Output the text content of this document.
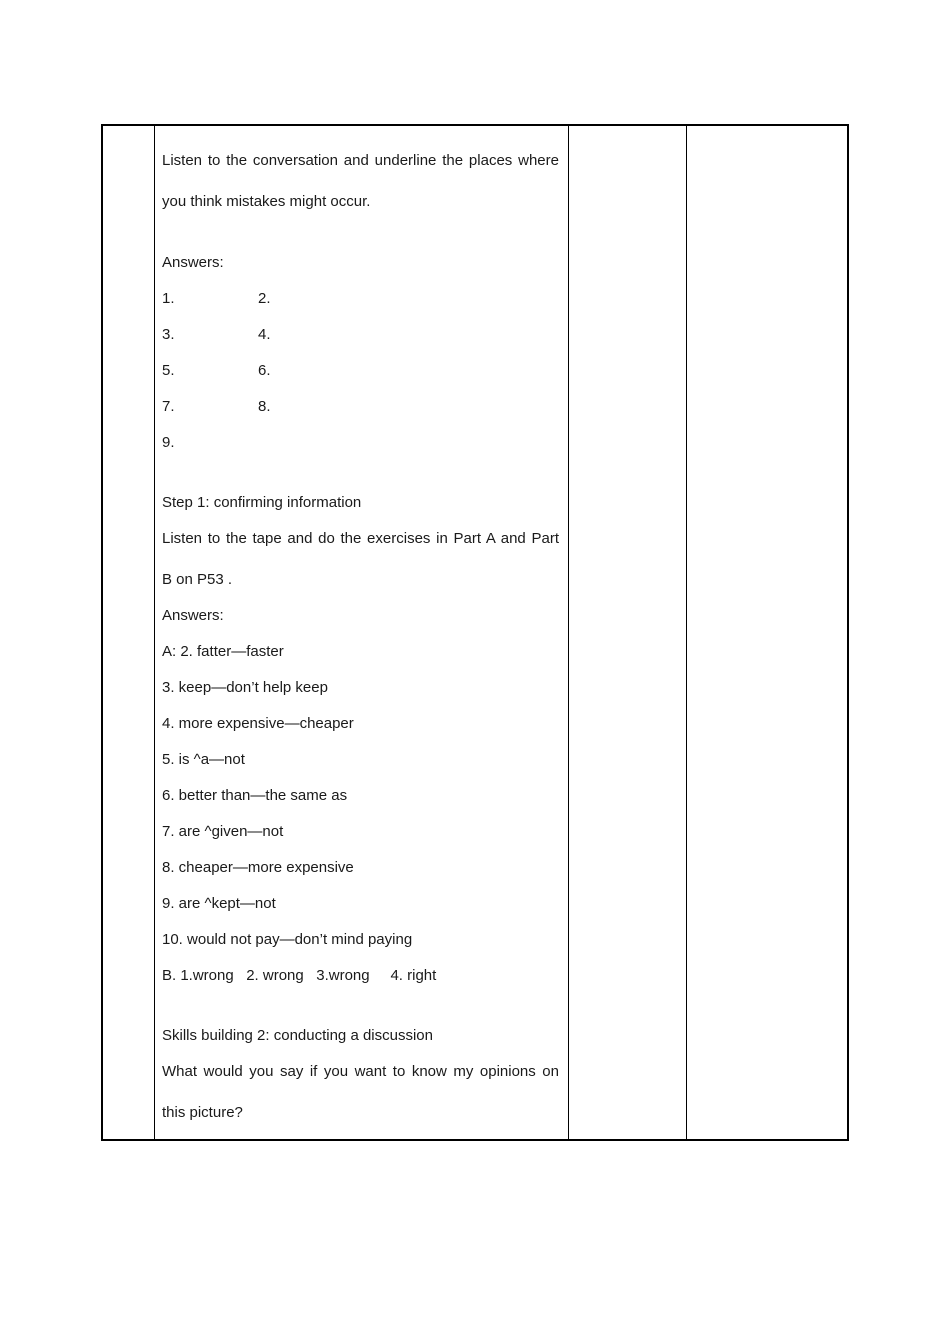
Listen to the conversation and underline the places where
you think mistakes might occur.
Answers:
1.	2.
3.	4.
5.	6.
7.	8.
9.
Step 1: confirming information
Listen to the tape and do the exercises in Part A and Part
B on P53 .
Answers:
A: 2. fatter—faster
3. keep—don’t help keep
4. more expensive—cheaper
5. is ^a—not
6. better than—the same as
7. are ^given—not
8. cheaper—more expensive
9. are ^kept—not
10. would not pay—don’t mind paying
B. 1.wrong   2. wrong   3.wrong     4. right
Skills building 2: conducting a discussion
What would you say if you want to know my opinions on
this picture?
